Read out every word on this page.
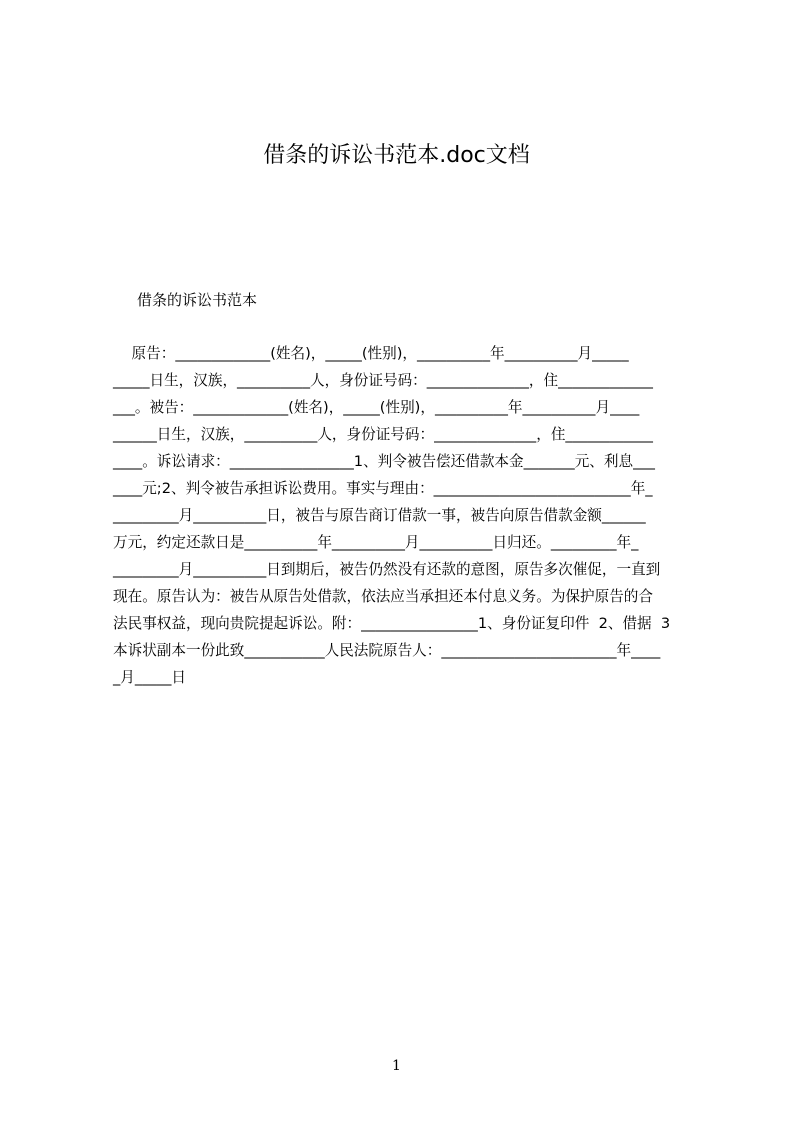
借条的诉讼书范本.doc文档
借条的诉讼书范本
原告：_____________(姓名)，_____(性别)，__________年__________月_____
_____日生，汉族，__________人，身份证号码：______________，住_____________
___。被告：_____________(姓名)，_____(性别)，__________年__________月____
______日生，汉族，__________人，身份证号码：______________，住____________
____。诉讼请求：_________________1、判令被告偿还借款本金_______元、利息___
____元;2、判令被告承担诉讼费用。事实与理由：___________________________年_
_________月__________日，被告与原告商订借款一事，被告向原告借款金额______
万元，约定还款日是__________年__________月__________日归还。_________年_
_________月__________日到期后，被告仍然没有还款的意图，原告多次催促，一直到
现在。原告认为：被告从原告处借款，依法应当承担还本付息义务。为保护原告的合
法民事权益，现向贵院提起诉讼。附：________________1、身份证复印件  2、借据  3
本诉状副本一份此致___________人民法院原告人：________________________年____
_月_____日
1
